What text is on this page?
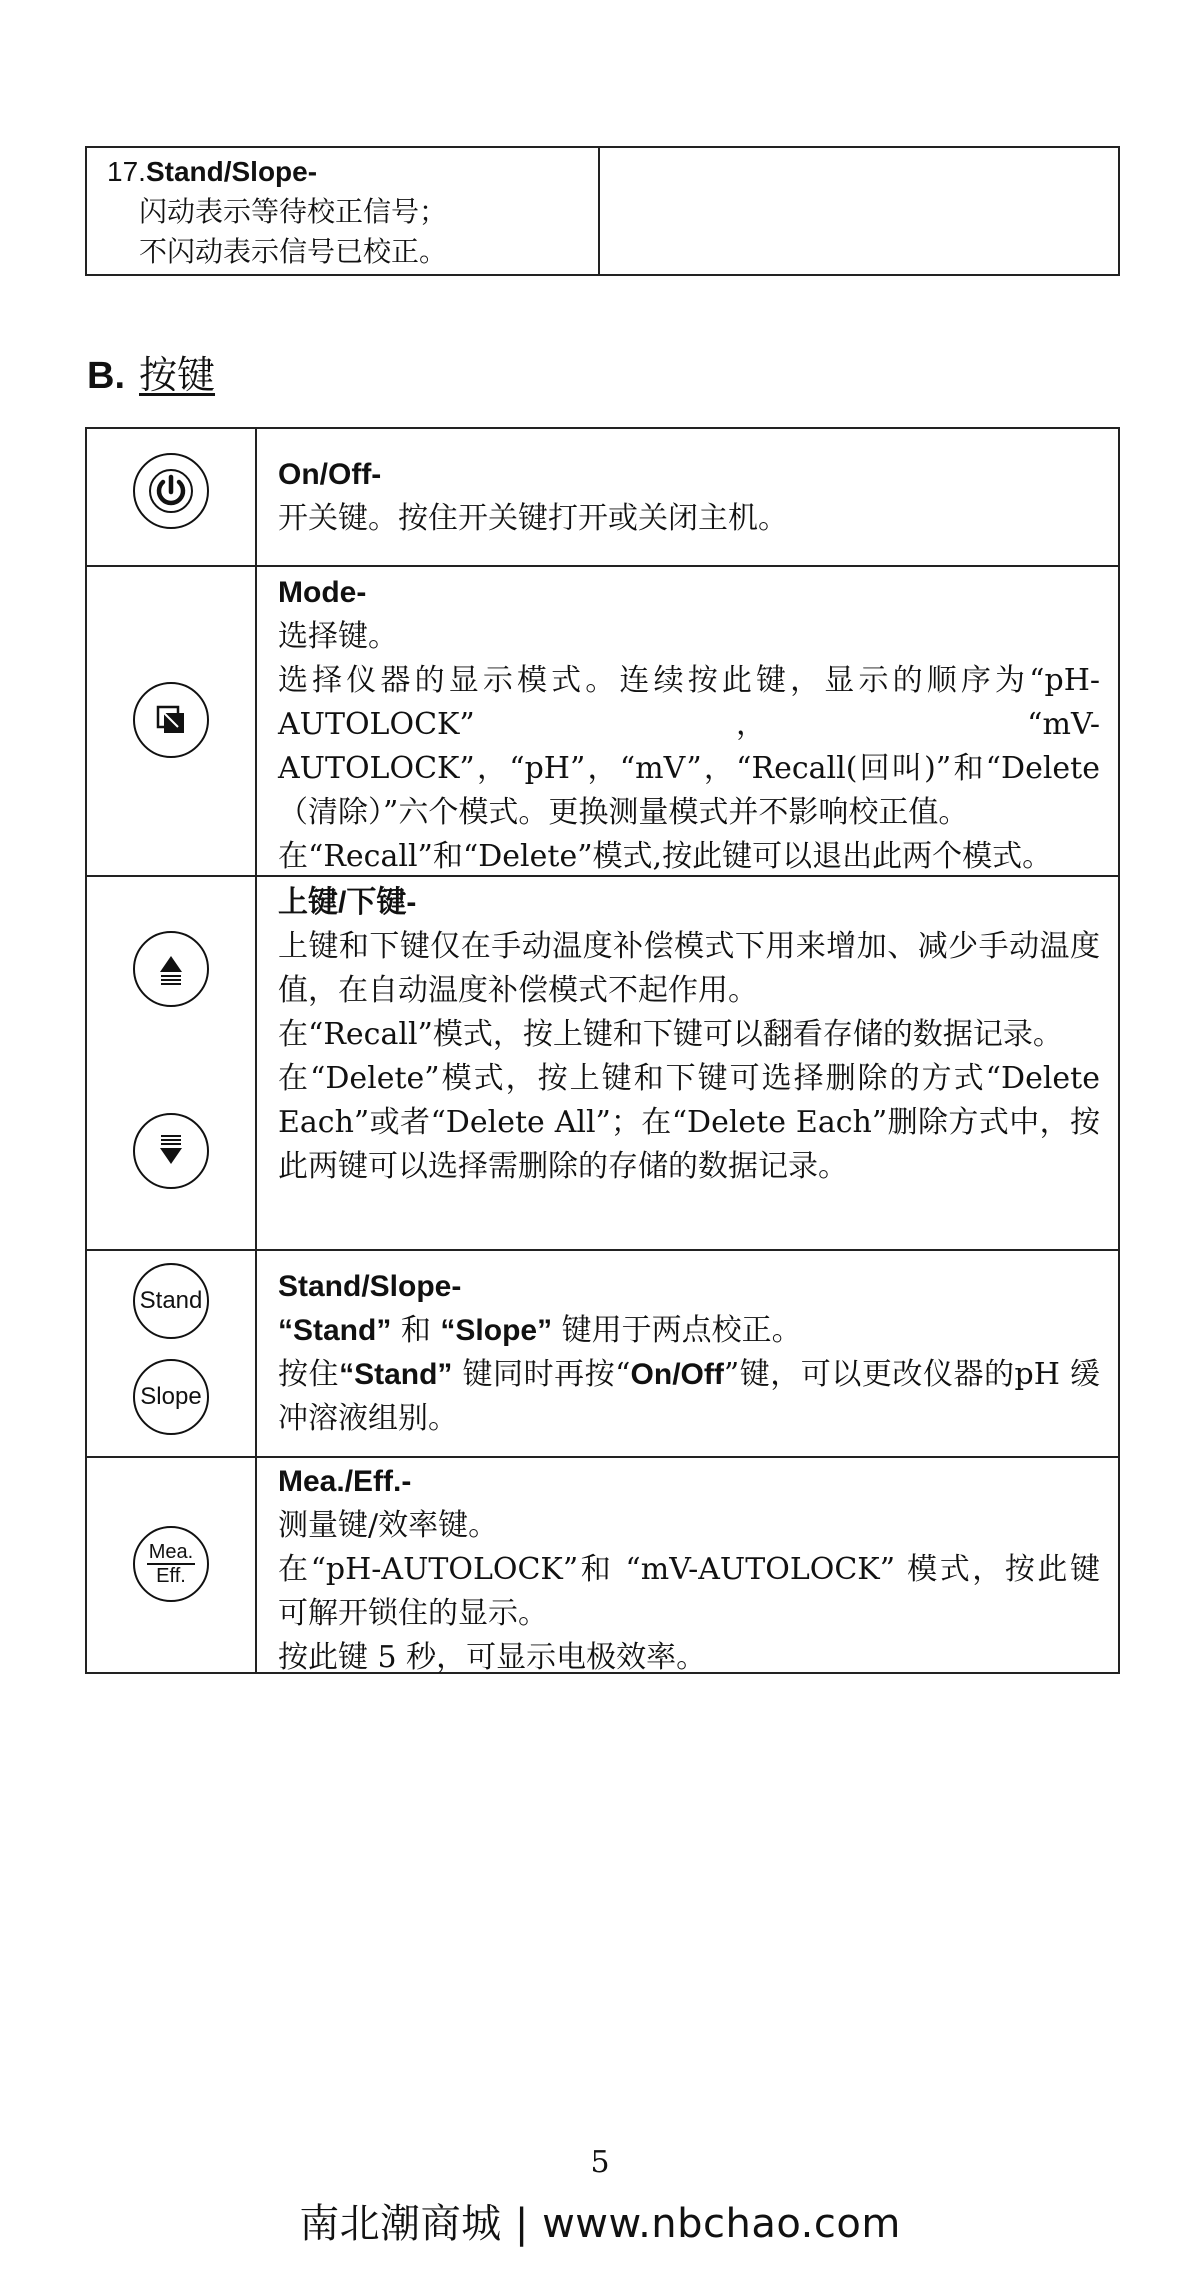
17.Stand/Slope-
闪动表示等待校正信号；
不闪动表示信号已校正。
B. 按键
On/Off-

开关键。按住开关键打开或关闭主机。

Mode-

选择键。

选择仪器的显示模式。连续按此键，显示的顺序为“pH-AUTOLOCK”，“mV-AUTOLOCK”，“pH”，“mV”，“Recall(回叫)”和“Delete（清除）”六个模式。更换测量模式并不影响校正值。

在“Recall”和“Delete”模式,按此键可以退出此两个模式。

上键/下键-

上键和下键仅在手动温度补偿模式下用来增加、减少手动温度值，在自动温度补偿模式不起作用。

在“Recall”模式，按上键和下键可以翻看存储的数据记录。

在“Delete”模式，按上键和下键可选择删除的方式“Delete Each”或者“Delete All”；在“Delete Each”删除方式中，按此两键可以选择需删除的存储的数据记录。

Stand
Slope
Stand/Slope-

“Stand” 和 “Slope” 键用于两点校正。

按住“Stand” 键同时再按“On/Off”键，可以更改仪器的pH 缓冲溶液组别。

$\frac{\text{Mea.}}{\text{Eff.}}$
Mea./Eff.-

测量键/效率键。

在“pH-AUTOLOCK”和 “mV-AUTOLOCK” 模式，按此键可解开锁住的显示。

按此键 5 秒，可显示电极效率。

5
南北潮商城 | www.nbchao.com
